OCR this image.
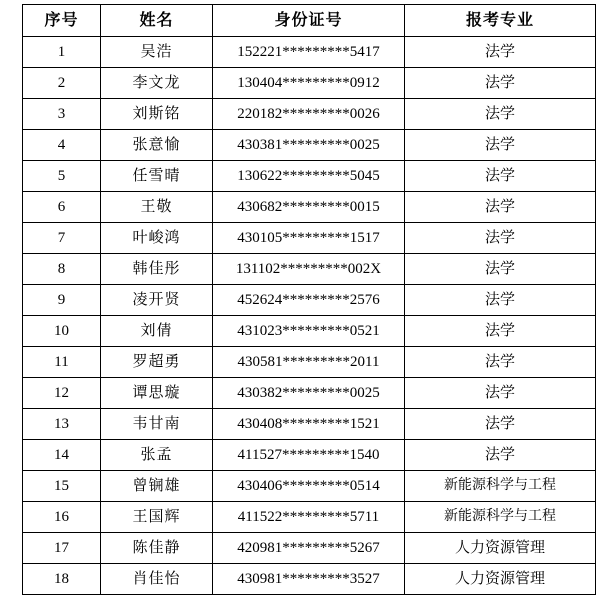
序号	姓名	身份证号	报考专业
1	吴浩	152221*********5417	法学
2	李文龙	130404*********0912	法学
3	刘斯铭	220182*********0026	法学
4	张意愉	430381*********0025	法学
5	任雪晴	130622*********5045	法学
6	王敬	430682*********0015	法学
7	叶峻鸿	430105*********1517	法学
8	韩佳彤	131102*********002X	法学
9	凌开贤	452624*********2576	法学
10	刘倩	431023*********0521	法学
11	罗超勇	430581*********2011	法学
12	谭思璇	430382*********0025	法学
13	韦甘南	430408*********1521	法学
14	张孟	411527*********1540	法学
15	曾锎雄	430406*********0514	新能源科学与工程
16	王国辉	411522*********5711	新能源科学与工程
17	陈佳静	420981*********5267	人力资源管理
18	肖佳怡	430981*********3527	人力资源管理
